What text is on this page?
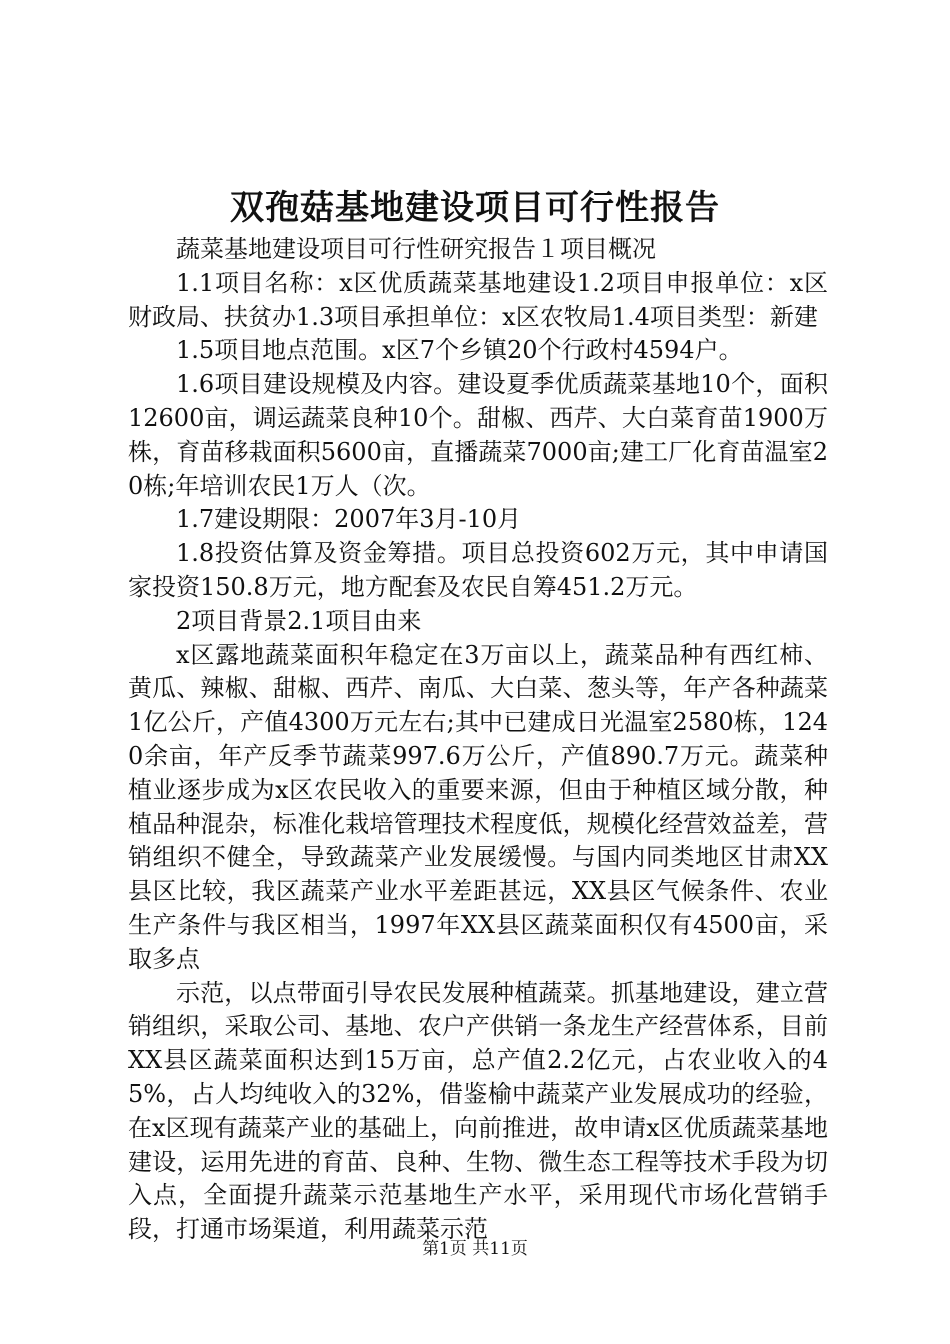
双孢菇基地建设项目可行性报告

蔬菜基地建设项目可行性研究报告１项目概况

1.1项目名称：x区优质蔬菜基地建设1.2项目申报单位：x区财政局、扶贫办1.3项目承担单位：x区农牧局1.4项目类型：新建

1.5项目地点范围。x区7个乡镇20个行政村4594户。

1.6项目建设规模及内容。建设夏季优质蔬菜基地10个，面积12600亩，调运蔬菜良种10个。甜椒、西芹、大白菜育苗1900万株，育苗移栽面积5600亩，直播蔬菜7000亩;建工厂化育苗温室20栋;年培训农民1万人（次。

1.7建设期限：2007年3月-10月

1.8投资估算及资金筹措。项目总投资602万元，其中申请国家投资150.8万元，地方配套及农民自筹451.2万元。

2项目背景2.1项目由来

x区露地蔬菜面积年稳定在3万亩以上，蔬菜品种有西红柿、黄瓜、辣椒、甜椒、西芹、南瓜、大白菜、葱头等，年产各种蔬菜1亿公斤，产值4300万元左右;其中已建成日光温室2580栋，1240余亩，年产反季节蔬菜997.6万公斤，产值890.7万元。蔬菜种植业逐步成为x区农民收入的重要来源，但由于种植区域分散，种植品种混杂，标准化栽培管理技术程度低，规模化经营效益差，营销组织不健全，导致蔬菜产业发展缓慢。与国内同类地区甘肃XX县区比较，我区蔬菜产业水平差距甚远，XX县区气候条件、农业生产条件与我区相当，1997年XX县区蔬菜面积仅有4500亩，采取多点

示范，以点带面引导农民发展种植蔬菜。抓基地建设，建立营销组织，采取公司、基地、农户产供销一条龙生产经营体系，目前XX县区蔬菜面积达到15万亩，总产值2.2亿元，占农业收入的45%，占人均纯收入的32%，借鉴榆中蔬菜产业发展成功的经验，在x区现有蔬菜产业的基础上，向前推进，故申请x区优质蔬菜基地建设，运用先进的育苗、良种、生物、微生态工程等技术手段为切入点，全面提升蔬菜示范基地生产水平，采用现代市场化营销手段，打通市场渠道，利用蔬菜示范

第1页 共11页
